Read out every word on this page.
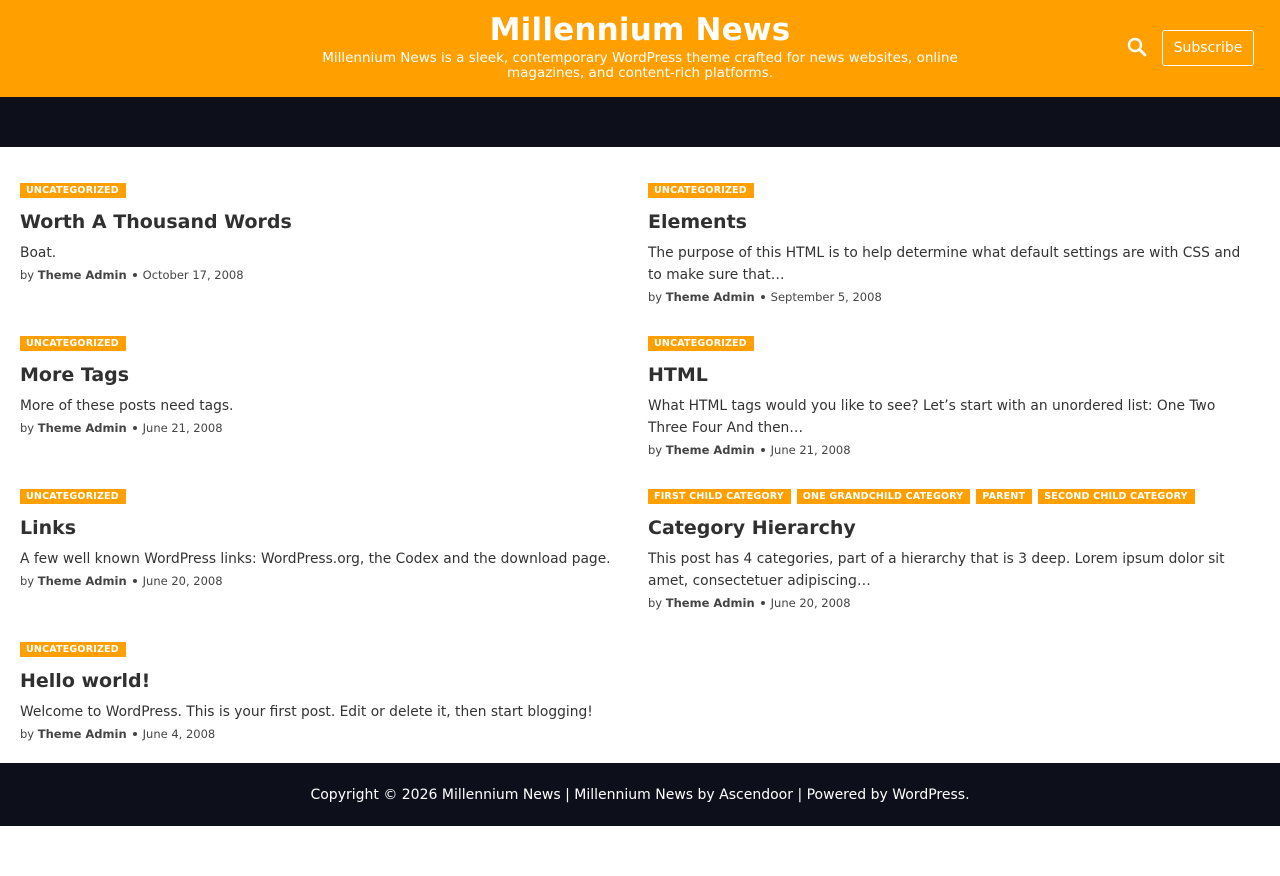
Millennium News
Millennium News is a sleek, contemporary WordPress theme crafted for news websites, online magazines, and content-rich platforms.
Subscribe
UNCATEGORIZED
Worth A Thousand Words
Boat.
by Theme Admin October 17, 2008
UNCATEGORIZED
Elements
The purpose of this HTML is to help determine what default settings are with CSS and to make sure that…
by Theme Admin September 5, 2008
UNCATEGORIZED
More Tags
More of these posts need tags.
by Theme Admin June 21, 2008
UNCATEGORIZED
HTML
What HTML tags would you like to see? Let’s start with an unordered list: One Two Three Four And then…
by Theme Admin June 21, 2008
UNCATEGORIZED
Links
A few well known WordPress links: WordPress.org, the Codex and the download page.
by Theme Admin June 20, 2008
FIRST CHILD CATEGORY	ONE GRANDCHILD CATEGORY	PARENT	SECOND CHILD CATEGORY
Category Hierarchy
This post has 4 categories, part of a hierarchy that is 3 deep. Lorem ipsum dolor sit amet, consectetuer adipiscing…
by Theme Admin June 20, 2008
UNCATEGORIZED
Hello world!
Welcome to WordPress. This is your first post. Edit or delete it, then start blogging!
by Theme Admin June 4, 2008
Copyright © 2026
Millennium News
|
Millennium News by
Ascendoor
|
Powered by
WordPress .
